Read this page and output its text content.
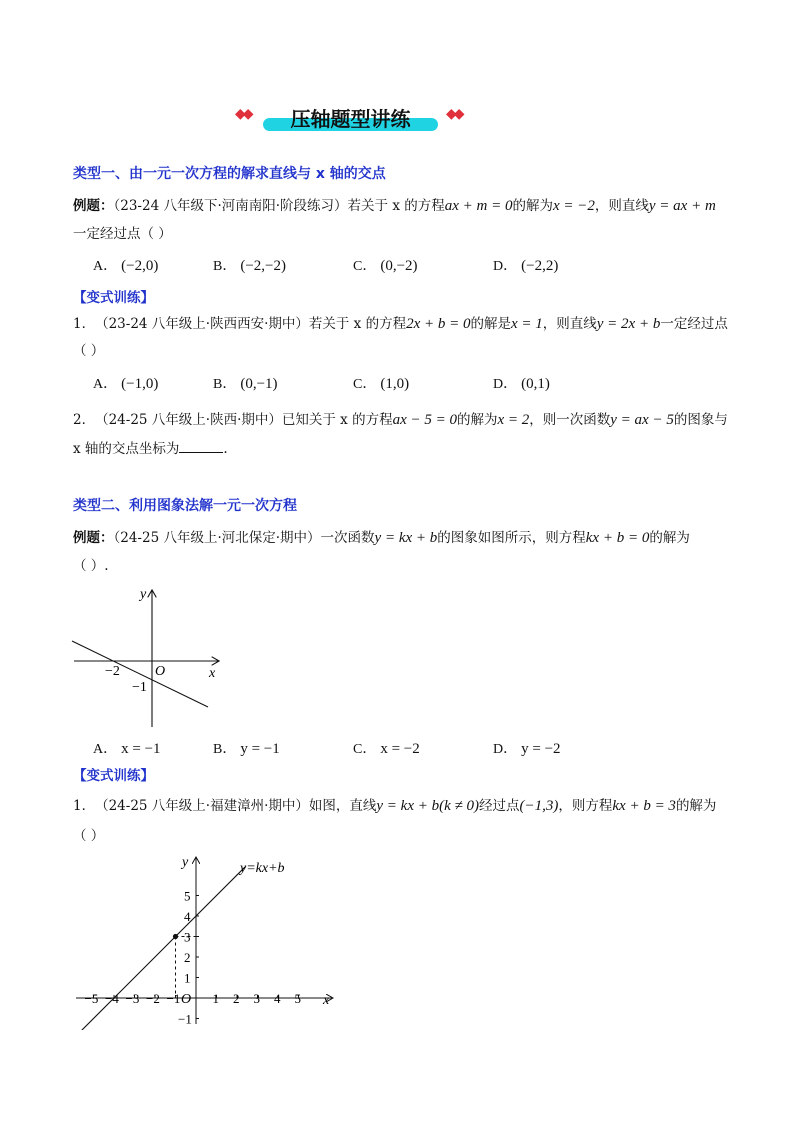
◆◆	压轴题型讲练	◆◆
类型一、由一元一次方程的解求直线与 x 轴的交点
例题：（23-24 八年级下·河南南阳·阶段练习）若关于 x 的方程ax + m = 0的解为x = −2，则直线y = ax + m
一定经过点（ ）
A． (−2,0)	B． (−2,−2)	C． (0,−2)	D． (−2,2)
【变式训练】
1．　（23-24 八年级上·陕西西安·期中）若关于 x 的方程2x + b = 0的解是x = 1，则直线y = 2x + b一定经过点
（ ）
A． (−1,0)	B． (0,−1)	C． (1,0)	D． (0,1)
2．　（24-25 八年级上·陕西·期中）已知关于 x 的方程ax − 5 = 0的解为x = 2，则一次函数y = ax − 5的图象与
x 轴的交点坐标为	.
类型二、利用图象法解一元一次方程
例题：（24-25 八年级上·河北保定·期中）一次函数y = kx + b的图象如图所示，则方程kx + b = 0的解为
（ ）.
y
x
O
−2
−1
A． x = −1	B． y = −1	C． x = −2	D． y = −2
【变式训练】
1．　（24-25 八年级上·福建漳州·期中）如图，直线y = kx + b(k ≠ 0)经过点(−1,3)，则方程kx + b = 3的解为
（ ）
y=kx+b
y
x
O
−5 −4 −3 −2 −1 1 2 3 4 5
5
4
3
2
1
−1
